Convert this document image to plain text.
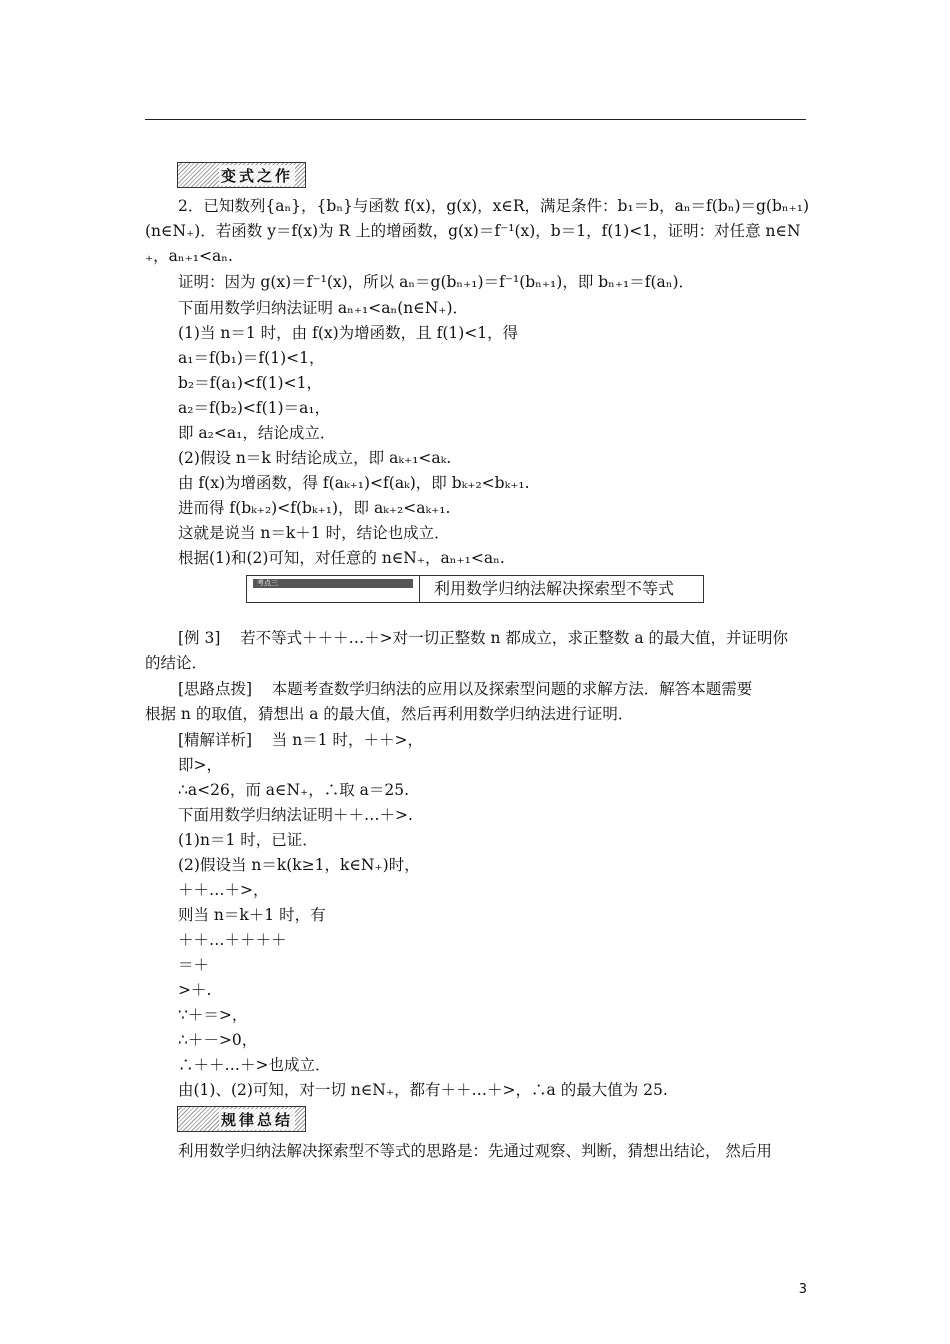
变式之作
2．已知数列{aₙ}，{bₙ}与函数 f(x)，g(x)，x∈R，满足条件：b₁＝b，aₙ＝f(bₙ)＝g(bₙ₊₁)
(n∈N₊)．若函数 y＝f(x)为 R 上的增函数，g(x)＝f⁻¹(x)，b＝1，f(1)<1，证明：对任意 n∈N
₊，aₙ₊₁<aₙ.
证明：因为 g(x)＝f⁻¹(x)，所以 aₙ＝g(bₙ₊₁)＝f⁻¹(bₙ₊₁)，即 bₙ₊₁＝f(aₙ)．
下面用数学归纳法证明 aₙ₊₁<aₙ(n∈N₊)．
(1)当 n＝1 时，由 f(x)为增函数，且 f(1)<1，得
a₁＝f(b₁)＝f(1)<1，
b₂＝f(a₁)<f(1)<1，
a₂＝f(b₂)<f(1)＝a₁，
即 a₂<a₁，结论成立．
(2)假设 n＝k 时结论成立，即 aₖ₊₁<aₖ.
由 f(x)为增函数，得 f(aₖ₊₁)<f(aₖ)，即 bₖ₊₂<bₖ₊₁.
进而得 f(bₖ₊₂)<f(bₖ₊₁)，即 aₖ₊₂<aₖ₊₁.
这就是说当 n＝k＋1 时，结论也成立．
根据(1)和(2)可知，对任意的 n∈N₊，aₙ₊₁<aₙ.
考点三	利用数学归纳法解决探索型不等式
[例 3]    若不等式＋＋＋…＋>对一切正整数 n 都成立，求正整数 a 的最大值，并证明你
的结论．
[思路点拨]    本题考查数学归纳法的应用以及探索型问题的求解方法．解答本题需要
根据 n 的取值，猜想出 a 的最大值，然后再利用数学归纳法进行证明．
[精解详析]    当 n＝1 时，＋＋>，
即>，
∴a<26，而 a∈N₊，∴取 a＝25.
下面用数学归纳法证明＋＋…＋>.
(1)n＝1 时，已证．
(2)假设当 n＝k(k≥1，k∈N₊)时，
＋＋…＋>，
则当 n＝k＋1 时，有
＋＋…＋＋＋＋
＝＋
>＋.
∵＋＝>，
∴＋－>0，
∴＋＋…＋>也成立．
由(1)、(2)可知，对一切 n∈N₊，都有＋＋…＋>，∴a 的最大值为 25.
规律总结
利用数学归纳法解决探索型不等式的思路是：先通过观察、判断，猜想出结论， 然后用
3
